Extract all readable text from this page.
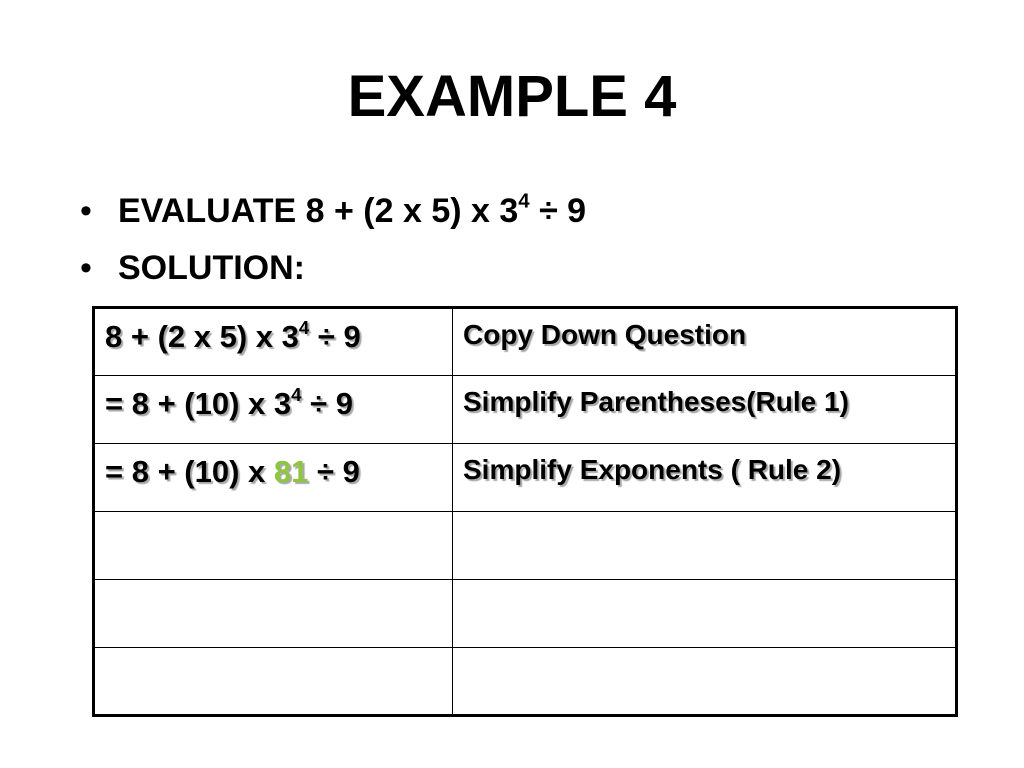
EXAMPLE 4
• EVALUATE 8 + (2 x 5) x $3^4 \div 9$
• SOLUTION:
8 + (2 x 5) x $3^4 \div 9$	Copy Down Question
= 8 + (10) x $3^4 \div 9$	Simplify Parentheses(Rule 1)
= 8 + (10) x 81 ÷ 9	Simplify Exponents ( Rule 2)
